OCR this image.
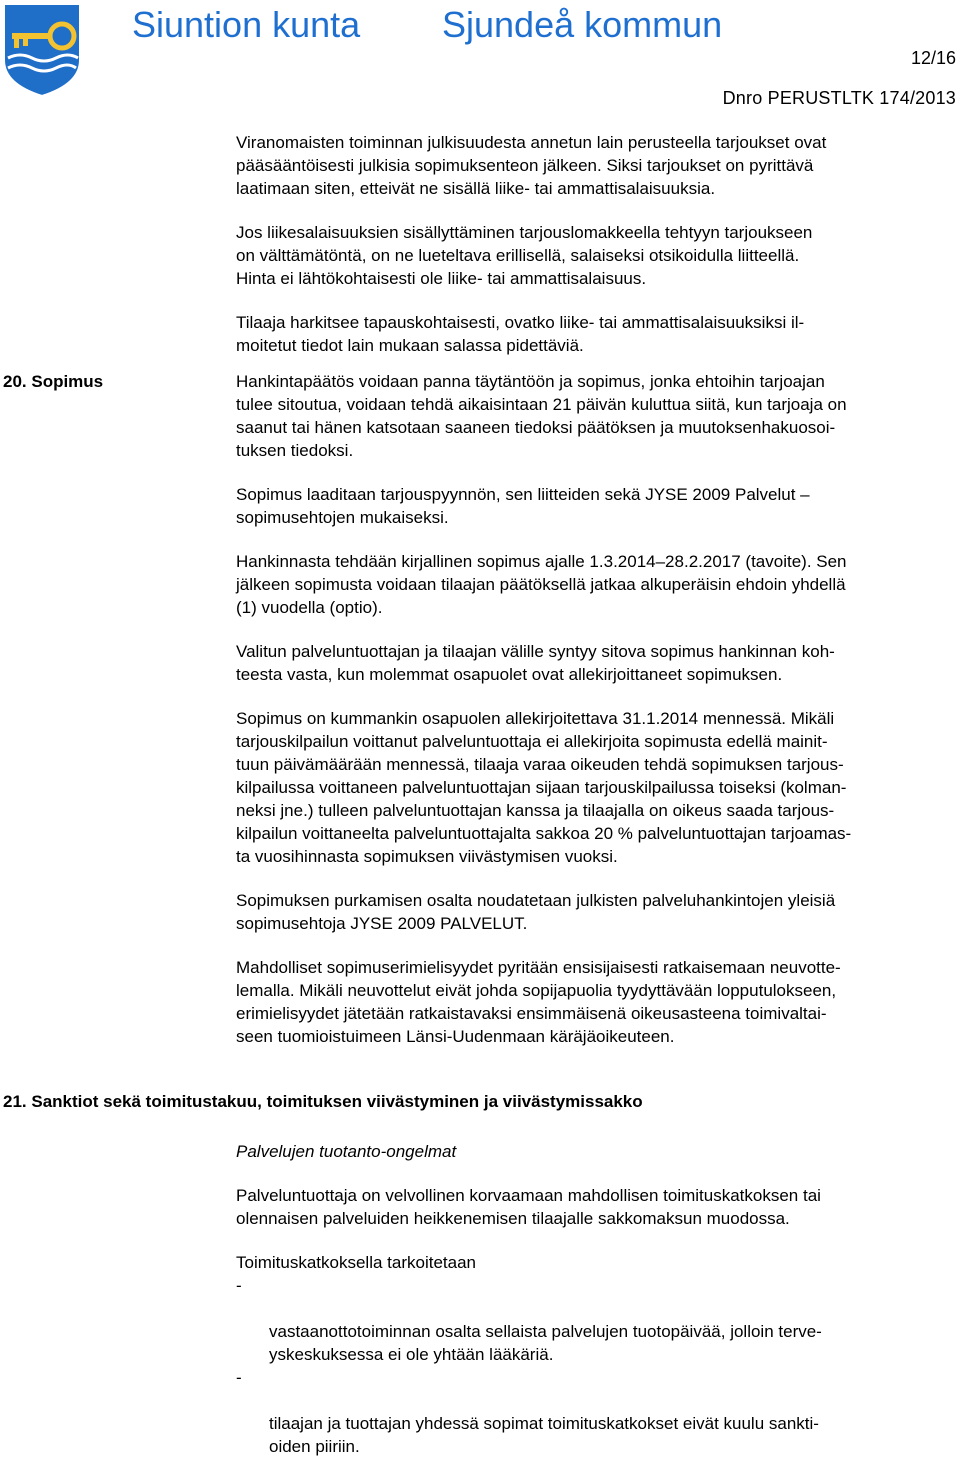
Siuntion kunta Sjundeå kommun
12/16
Dnro PERUSTLTK 174/2013
Viranomaisten toiminnan julkisuudesta annetun lain perusteella tarjoukset ovat
pääsääntöisesti julkisia sopimuksenteon jälkeen. Siksi tarjoukset on pyrittävä
laatimaan siten, etteivät ne sisällä liike- tai ammattisalaisuuksia.
Jos liikesalaisuuksien sisällyttäminen tarjouslomakkeella tehtyyn tarjoukseen
on välttämätöntä, on ne lueteltava erillisellä, salaiseksi otsikoidulla liitteellä.
Hinta ei lähtökohtaisesti ole liike- tai ammattisalaisuus.
Tilaaja harkitsee tapauskohtaisesti, ovatko liike- tai ammattisalaisuuksiksi il-
moitetut tiedot lain mukaan salassa pidettäviä.
20. Sopimus	Hankintapäätös voidaan panna täytäntöön ja sopimus, jonka ehtoihin tarjoajan
tulee sitoutua, voidaan tehdä aikaisintaan 21 päivän kuluttua siitä, kun tarjoaja on
saanut tai hänen katsotaan saaneen tiedoksi päätöksen ja muutoksenhakuosoi-
tuksen tiedoksi.
Sopimus laaditaan tarjouspyynnön, sen liitteiden sekä JYSE 2009 Palvelut –
sopimusehtojen mukaiseksi.
Hankinnasta tehdään kirjallinen sopimus ajalle 1.3.2014–28.2.2017 (tavoite). Sen
jälkeen sopimusta voidaan tilaajan päätöksellä jatkaa alkuperäisin ehdoin yhdellä
(1) vuodella (optio).
Valitun palveluntuottajan ja tilaajan välille syntyy sitova sopimus hankinnan koh-
teesta vasta, kun molemmat osapuolet ovat allekirjoittaneet sopimuksen.
Sopimus on kummankin osapuolen allekirjoitettava 31.1.2014 mennessä. Mikäli
tarjouskilpailun voittanut palveluntuottaja ei allekirjoita sopimusta edellä mainit-
tuun päivämäärään mennessä, tilaaja varaa oikeuden tehdä sopimuksen tarjous-
kilpailussa voittaneen palveluntuottajan sijaan tarjouskilpailussa toiseksi (kolman-
neksi jne.) tulleen palveluntuottajan kanssa ja tilaajalla on oikeus saada tarjous-
kilpailun voittaneelta palveluntuottajalta sakkoa 20 % palveluntuottajan tarjoamas-
ta vuosihinnasta sopimuksen viivästymisen vuoksi.
Sopimuksen purkamisen osalta noudatetaan julkisten palveluhankintojen yleisiä
sopimusehtoja JYSE 2009 PALVELUT.
Mahdolliset sopimuserimielisyydet pyritään ensisijaisesti ratkaisemaan neuvotte-
lemalla. Mikäli neuvottelut eivät johda sopijapuolia tyydyttävään lopputulokseen,
erimielisyydet jätetään ratkaistavaksi ensimmäisenä oikeusasteena toimivaltai-
seen tuomioistuimeen Länsi-Uudenmaan käräjäoikeuteen.
21. Sanktiot sekä toimitustakuu, toimituksen viivästyminen ja viivästymissakko
Palvelujen tuotanto-ongelmat
Palveluntuottaja on velvollinen korvaamaan mahdollisen toimituskatkoksen tai
olennaisen palveluiden heikkenemisen tilaajalle sakkomaksun muodossa.
Toimituskatkoksella tarkoitetaan

-

vastaanottotoiminnan osalta sellaista palvelujen tuotopäivää, jolloin terve-
yskeskuksessa ei ole yhtään lääkäriä.

-

tilaajan ja tuottajan yhdessä sopimat toimituskatkokset eivät kuulu sankti-
oiden piiriin.
